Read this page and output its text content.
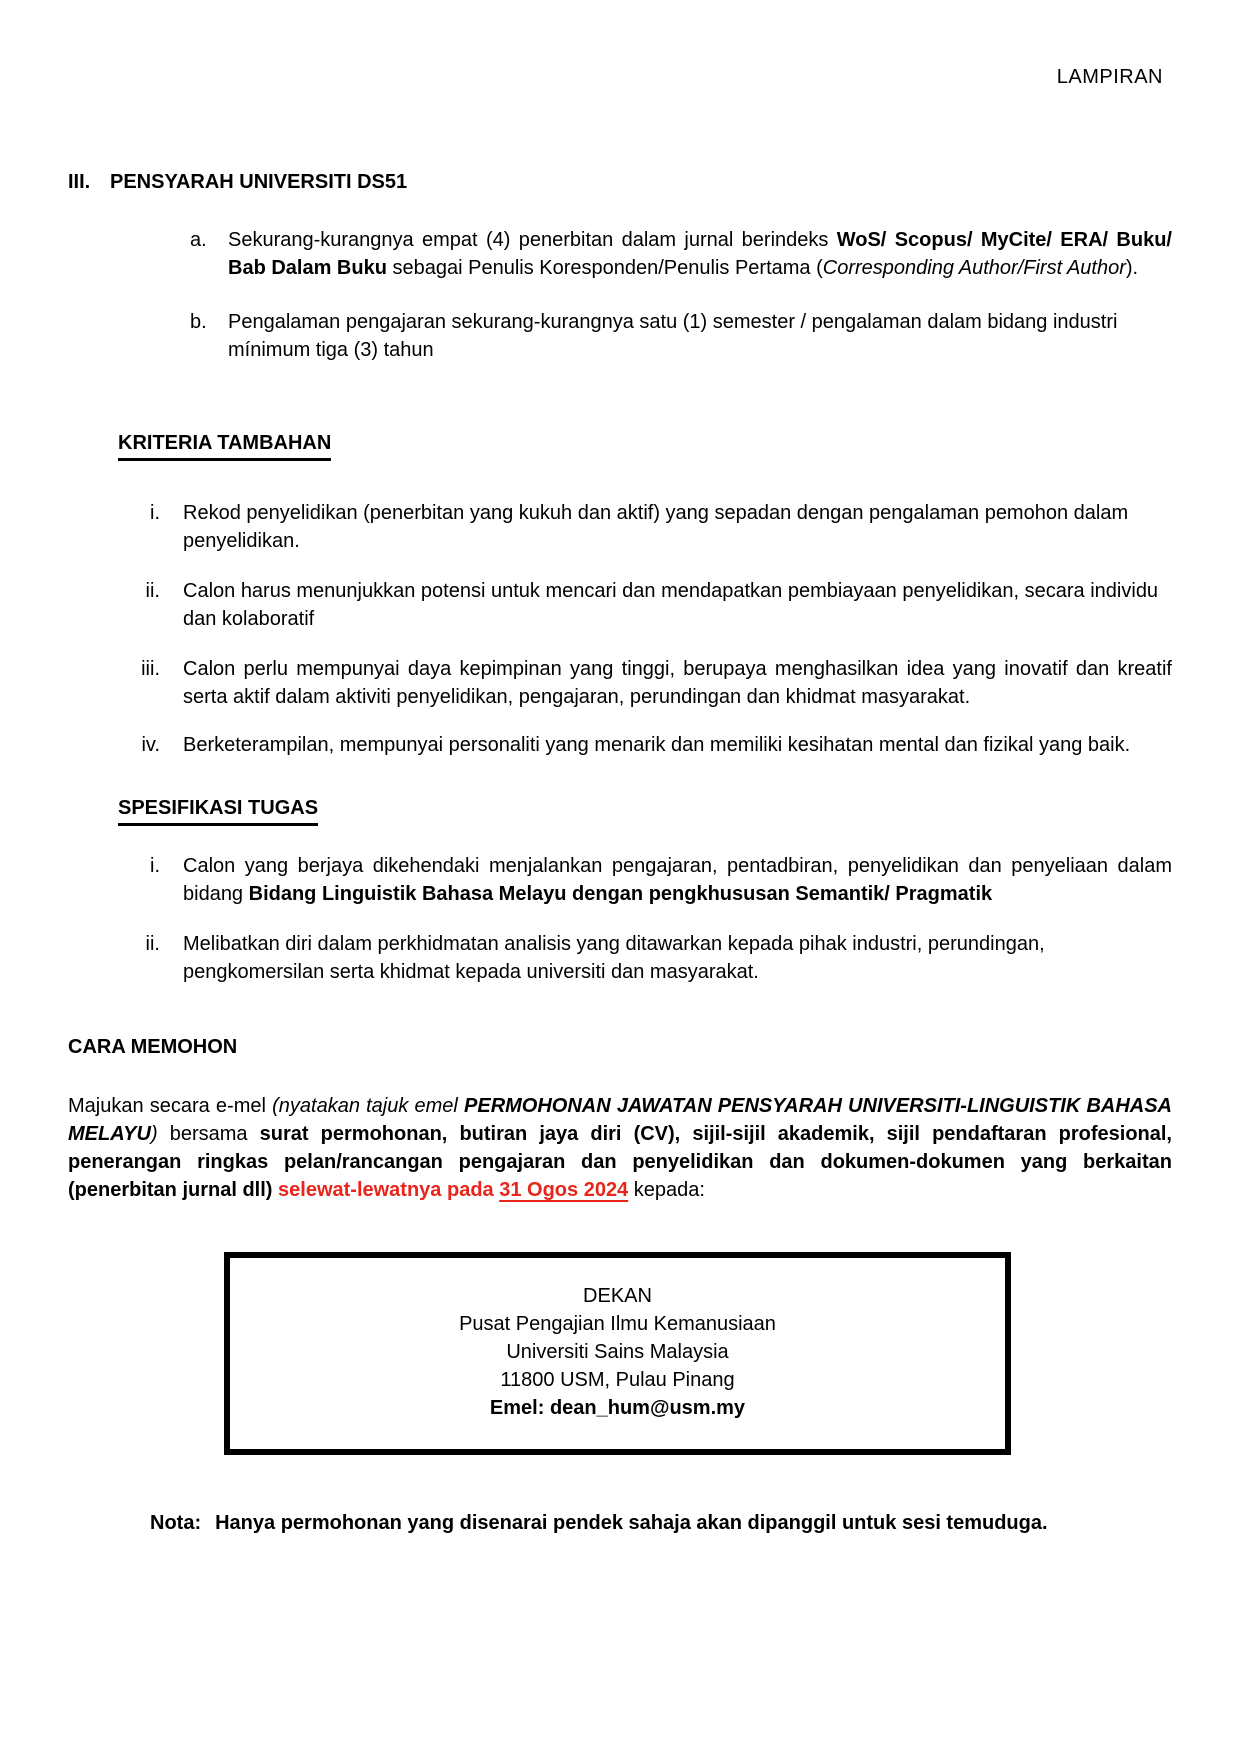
LAMPIRAN
III. PENSYARAH UNIVERSITI DS51
a.	Sekurang-kurangnya empat (4) penerbitan dalam jurnal berindeks WoS/ Scopus/ MyCite/ ERA/ Buku/ Bab Dalam Buku sebagai Penulis Koresponden/Penulis Pertama (Corresponding Author/First Author).
b.	Pengalaman pengajaran sekurang-kurangnya satu (1) semester / pengalaman dalam bidang industri mínimum tiga (3) tahun
KRITERIA TAMBAHAN
i. Rekod penyelidikan (penerbitan yang kukuh dan aktif) yang sepadan dengan pengalaman pemohon dalam penyelidikan.
ii. Calon harus menunjukkan potensi untuk mencari dan mendapatkan pembiayaan penyelidikan, secara individu dan kolaboratif
iii. Calon perlu mempunyai daya kepimpinan yang tinggi, berupaya menghasilkan idea yang inovatif dan kreatif serta aktif dalam aktiviti penyelidikan, pengajaran, perundingan dan khidmat masyarakat.
iv. Berketerampilan, mempunyai personaliti yang menarik dan memiliki kesihatan mental dan fizikal yang baik.
SPESIFIKASI TUGAS
i. Calon yang berjaya dikehendaki menjalankan pengajaran, pentadbiran, penyelidikan dan penyeliaan dalam bidang Bidang Linguistik Bahasa Melayu dengan pengkhususan Semantik/ Pragmatik
ii. Melibatkan diri dalam perkhidmatan analisis yang ditawarkan kepada pihak industri, perundingan, pengkomersilan serta khidmat kepada universiti dan masyarakat.
CARA MEMOHON
Majukan secara e-mel (nyatakan tajuk emel PERMOHONAN JAWATAN PENSYARAH UNIVERSITI-LINGUISTIK BAHASA MELAYU) bersama surat permohonan, butiran jaya diri (CV), sijil-sijil akademik, sijil pendaftaran profesional, penerangan ringkas pelan/rancangan pengajaran dan penyelidikan dan dokumen-dokumen yang berkaitan (penerbitan jurnal dll) selewat-lewatnya pada 31 Ogos 2024 kepada:
DEKAN
Pusat Pengajian Ilmu Kemanusiaan
Universiti Sains Malaysia
11800 USM, Pulau Pinang
Emel: dean_hum@usm.my
Nota: Hanya permohonan yang disenarai pendek sahaja akan dipanggil untuk sesi temuduga.
